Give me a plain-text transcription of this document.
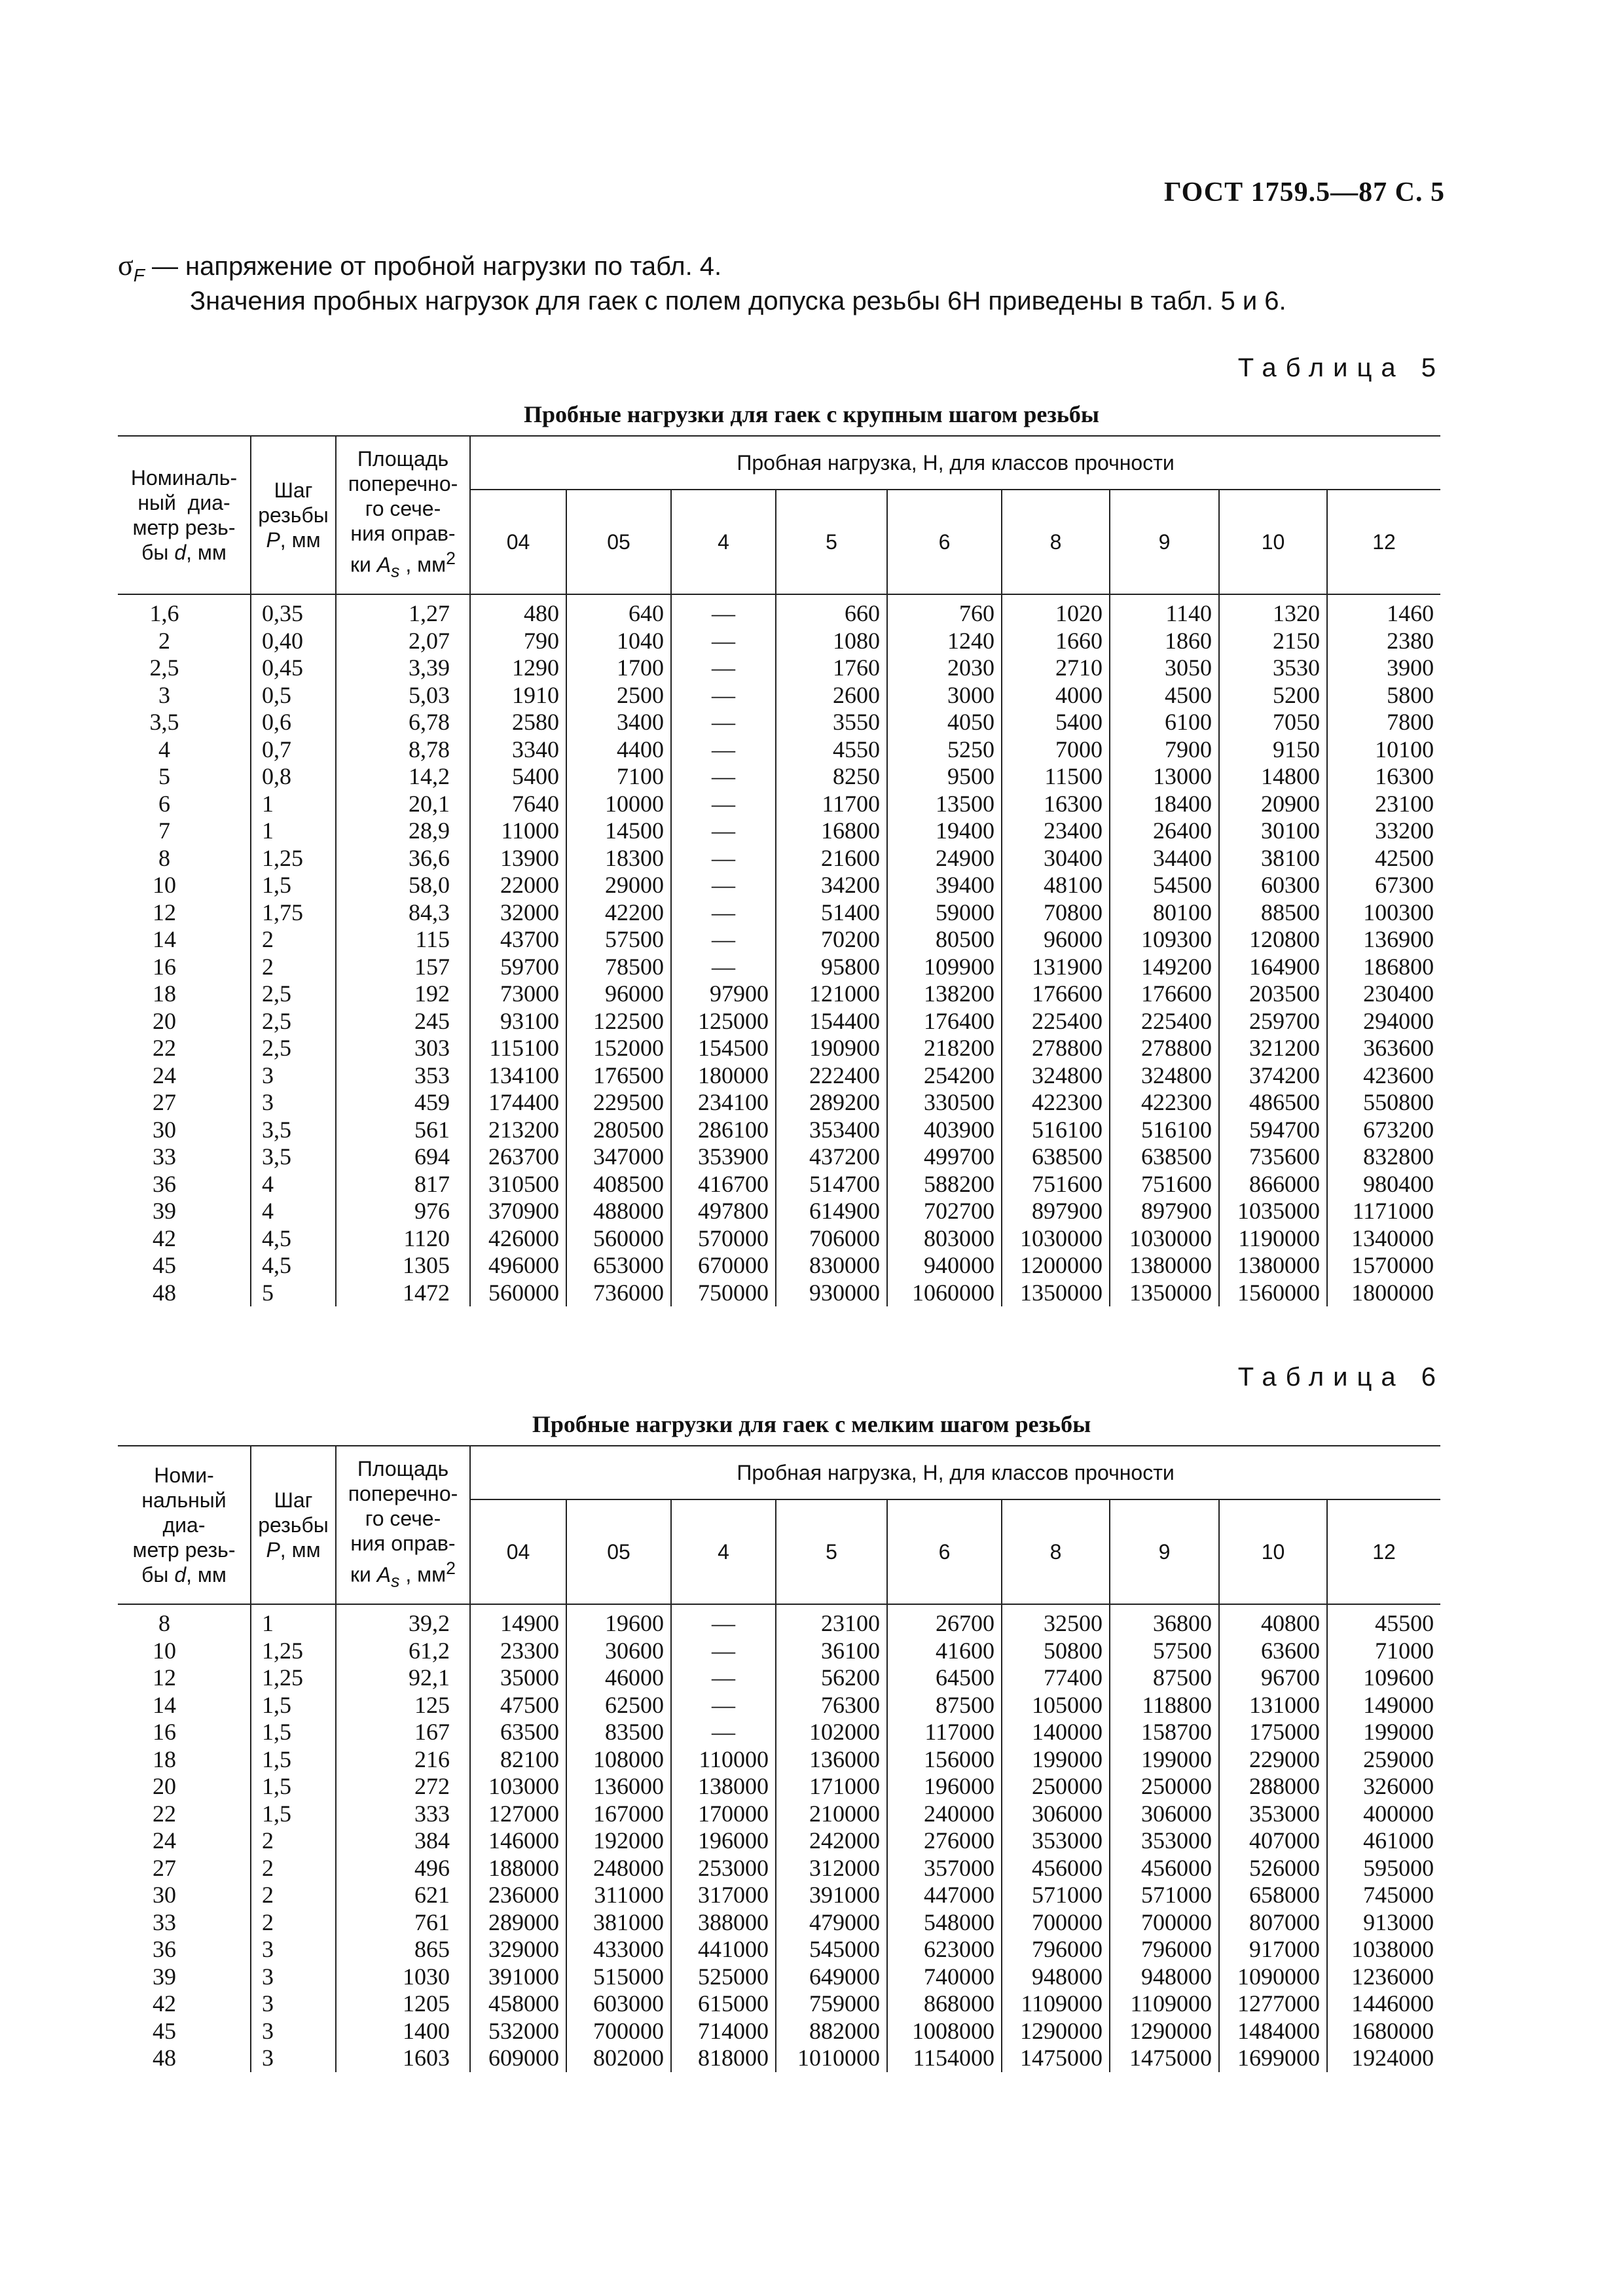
ГОСТ 1759.5—87 С. 5
$\sigma_F$ — напряжение от пробной нагрузки по табл. 4.
Значения пробных нагрузок для гаек с полем допуска резьбы 6Н приведены в табл. 5 и 6.
Таблица 5
Пробные нагрузки для гаек с крупным шагом резьбы
Номиналь-
ный  диа-
метр резь-
бы d, мм	Шаг
резьбы
P, мм	Площадь
поперечно-
го сече-
ния оправ-
ки $A_s$ , $мм^2$	Пробная нагрузка, Н, для классов прочности								
			04	05	4	5	6	8	9	10	12
1,6	0,35	1,27	480	640	—	660	760	1020	1140	1320	1460
2	0,40	2,07	790	1040	—	1080	1240	1660	1860	2150	2380
2,5	0,45	3,39	1290	1700	—	1760	2030	2710	3050	3530	3900
3	0,5	5,03	1910	2500	—	2600	3000	4000	4500	5200	5800
3,5	0,6	6,78	2580	3400	—	3550	4050	5400	6100	7050	7800
4	0,7	8,78	3340	4400	—	4550	5250	7000	7900	9150	10100
5	0,8	14,2	5400	7100	—	8250	9500	11500	13000	14800	16300
6	1	20,1	7640	10000	—	11700	13500	16300	18400	20900	23100
7	1	28,9	11000	14500	—	16800	19400	23400	26400	30100	33200
8	1,25	36,6	13900	18300	—	21600	24900	30400	34400	38100	42500
10	1,5	58,0	22000	29000	—	34200	39400	48100	54500	60300	67300
12	1,75	84,3	32000	42200	—	51400	59000	70800	80100	88500	100300
14	2	115	43700	57500	—	70200	80500	96000	109300	120800	136900
16	2	157	59700	78500	—	95800	109900	131900	149200	164900	186800
18	2,5	192	73000	96000	97900	121000	138200	176600	176600	203500	230400
20	2,5	245	93100	122500	125000	154400	176400	225400	225400	259700	294000
22	2,5	303	115100	152000	154500	190900	218200	278800	278800	321200	363600
24	3	353	134100	176500	180000	222400	254200	324800	324800	374200	423600
27	3	459	174400	229500	234100	289200	330500	422300	422300	486500	550800
30	3,5	561	213200	280500	286100	353400	403900	516100	516100	594700	673200
33	3,5	694	263700	347000	353900	437200	499700	638500	638500	735600	832800
36	4	817	310500	408500	416700	514700	588200	751600	751600	866000	980400
39	4	976	370900	488000	497800	614900	702700	897900	897900	1035000	1171000
42	4,5	1120	426000	560000	570000	706000	803000	1030000	1030000	1190000	1340000
45	4,5	1305	496000	653000	670000	830000	940000	1200000	1380000	1380000	1570000
48	5	1472	560000	736000	750000	930000	1060000	1350000	1350000	1560000	1800000
Таблица 6
Пробные нагрузки для гаек с мелким шагом резьбы
Номи-
нальный
диа-
метр резь-
бы d, мм	Шаг
резьбы
P, мм	Площадь
поперечно-
го сече-
ния оправ-
ки $A_s$ , $мм^2$	Пробная нагрузка, Н, для классов прочности								
			04	05	4	5	6	8	9	10	12
8	1	39,2	14900	19600	—	23100	26700	32500	36800	40800	45500
10	1,25	61,2	23300	30600	—	36100	41600	50800	57500	63600	71000
12	1,25	92,1	35000	46000	—	56200	64500	77400	87500	96700	109600
14	1,5	125	47500	62500	—	76300	87500	105000	118800	131000	149000
16	1,5	167	63500	83500	—	102000	117000	140000	158700	175000	199000
18	1,5	216	82100	108000	110000	136000	156000	199000	199000	229000	259000
20	1,5	272	103000	136000	138000	171000	196000	250000	250000	288000	326000
22	1,5	333	127000	167000	170000	210000	240000	306000	306000	353000	400000
24	2	384	146000	192000	196000	242000	276000	353000	353000	407000	461000
27	2	496	188000	248000	253000	312000	357000	456000	456000	526000	595000
30	2	621	236000	311000	317000	391000	447000	571000	571000	658000	745000
33	2	761	289000	381000	388000	479000	548000	700000	700000	807000	913000
36	3	865	329000	433000	441000	545000	623000	796000	796000	917000	1038000
39	3	1030	391000	515000	525000	649000	740000	948000	948000	1090000	1236000
42	3	1205	458000	603000	615000	759000	868000	1109000	1109000	1277000	1446000
45	3	1400	532000	700000	714000	882000	1008000	1290000	1290000	1484000	1680000
48	3	1603	609000	802000	818000	1010000	1154000	1475000	1475000	1699000	1924000
